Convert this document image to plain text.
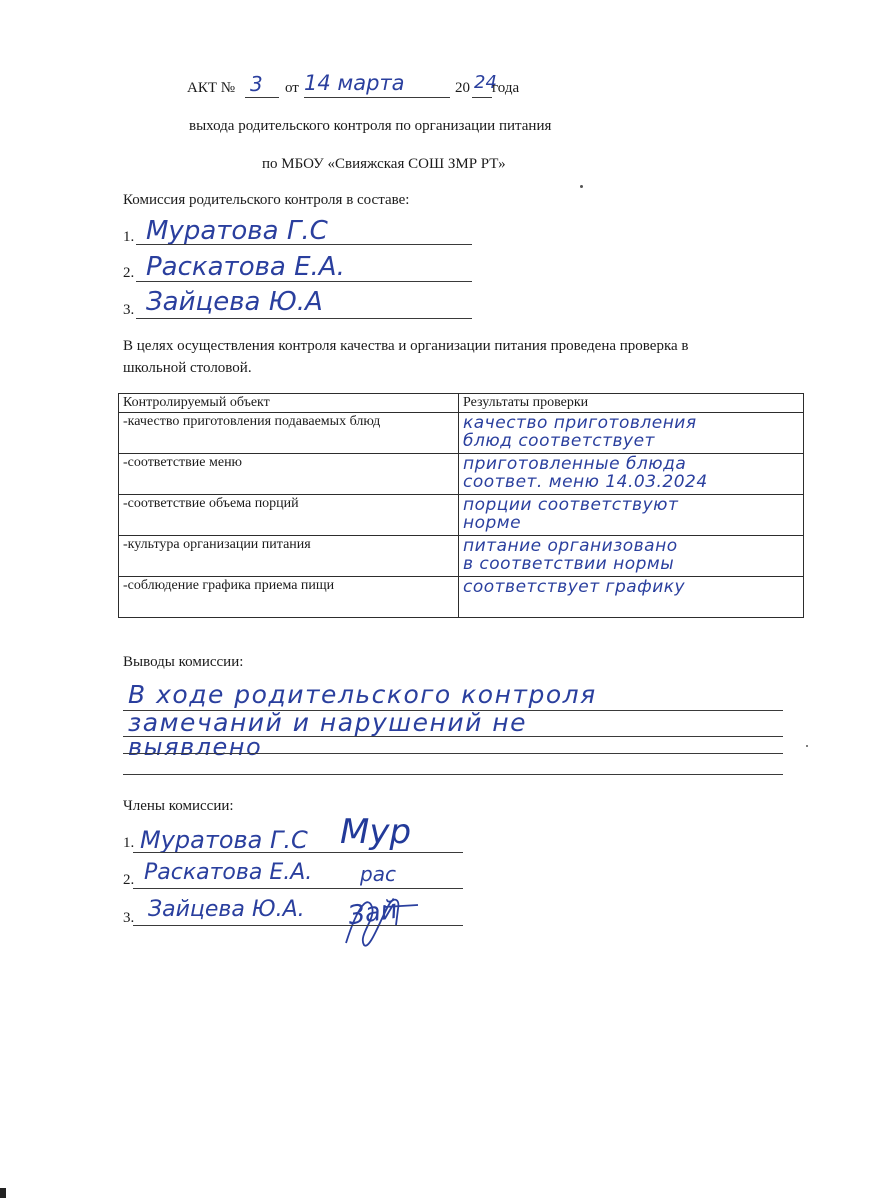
АКТ № 3 от 14 марта	20 24
года
выхода родительского контроля по организации питания
по МБОУ «Свияжская СОШ ЗМР РТ»
Комиссия родительского контроля в составе:
1. Муратова Г.С
2. Раскатова Е.А.
3. Зайцева Ю.А
В целях осуществления контроля качества и организации питания проведена проверка в
школьной столовой.
Контролируемый объект	Результаты проверки
-качество приготовления подаваемых блюд	качество приготовления
блюд соответствует

-соответствие меню	приготовленные блюда
соответ. меню 14.03.2024

-соответствие объема порций	порции соответствуют
норме

-культура организации питания	питание организовано
в соответствии нормы

-соблюдение графика приема пищи	соответствует графику
Выводы комиссии:
В ходе родительского контроля
замечаний и нарушений не
выявлено
Члены комиссии:
1. Муратова Г.С Мур
2. Раскатова Е.А. рас
3. Зайцева Ю.А. Зай
